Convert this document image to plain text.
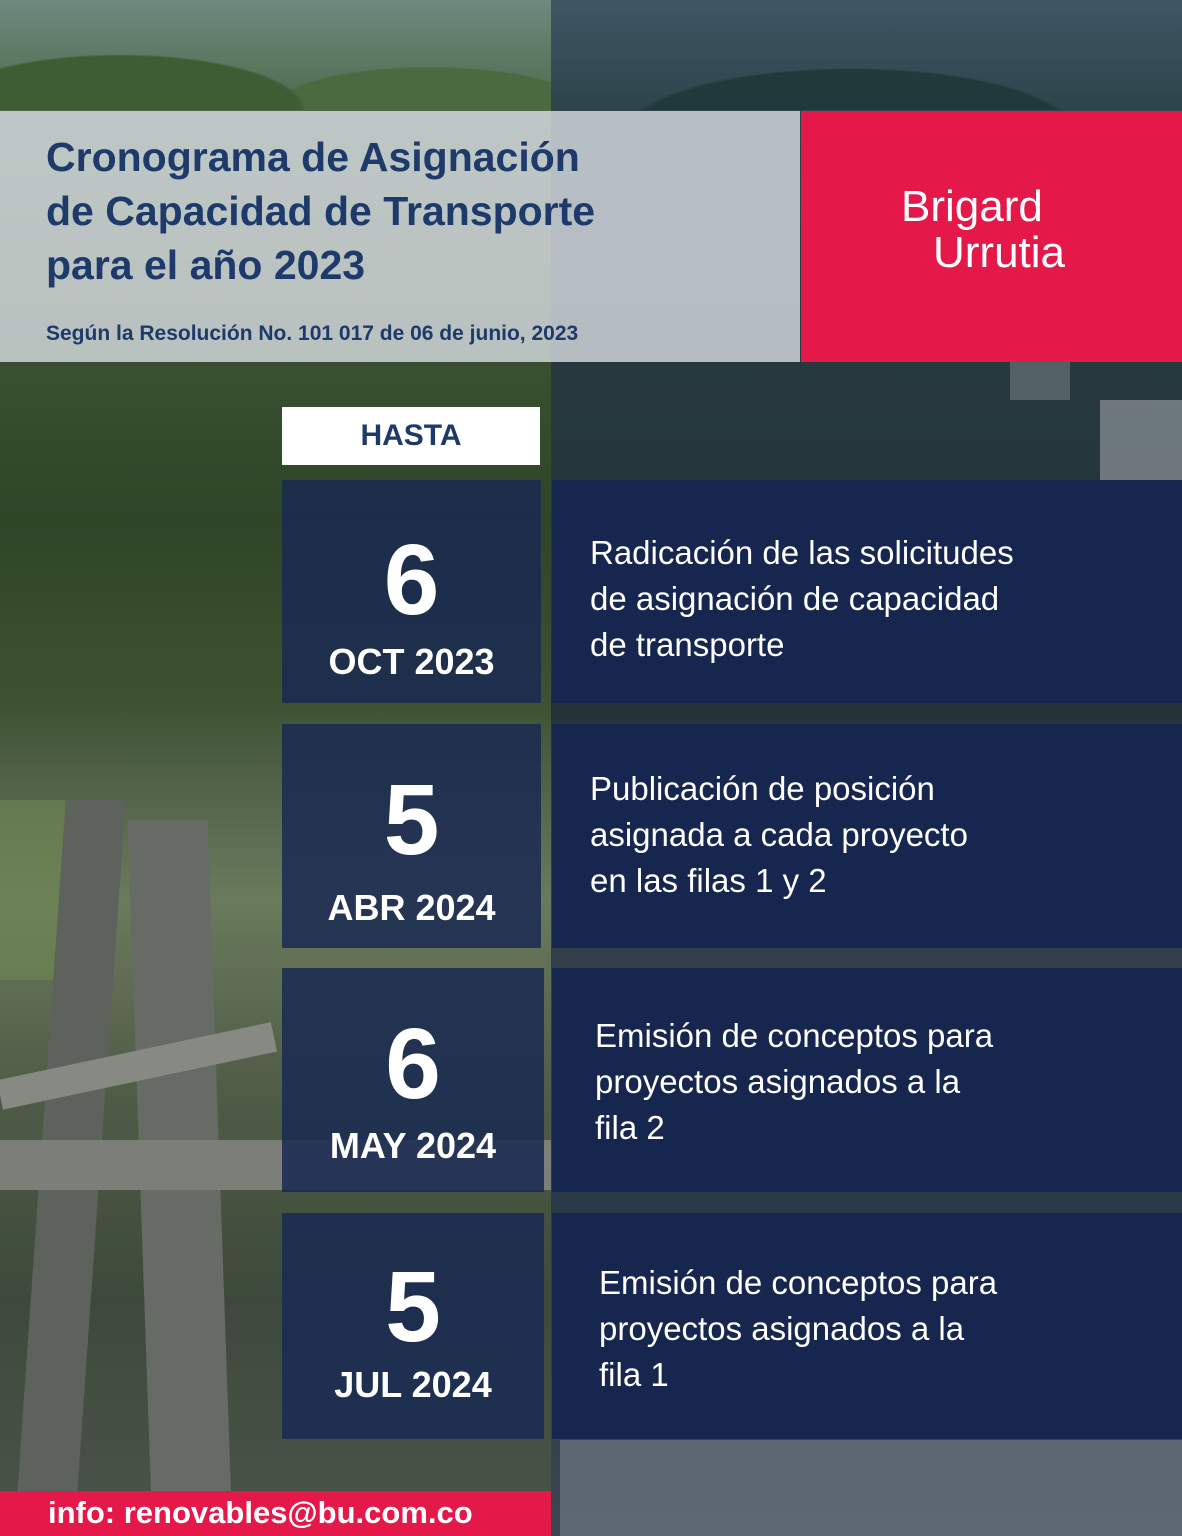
Cronograma de Asignación
de Capacidad de Transporte
para el año 2023

Según la Resolución No. 101 017 de 06 de junio, 2023

Brigard
Urrutia
HASTA
6
OCT 2023

Radicación de las solicitudes
de asignación de capacidad
de transporte

5
ABR 2024

Publicación de posición
asignada a cada proyecto
en las filas 1 y 2

6
MAY 2024

Emisión de conceptos para
proyectos asignados a la
fila 2

5
JUL 2024

Emisión de conceptos para
proyectos asignados a la
fila 1

info: renovables@bu.com.co
